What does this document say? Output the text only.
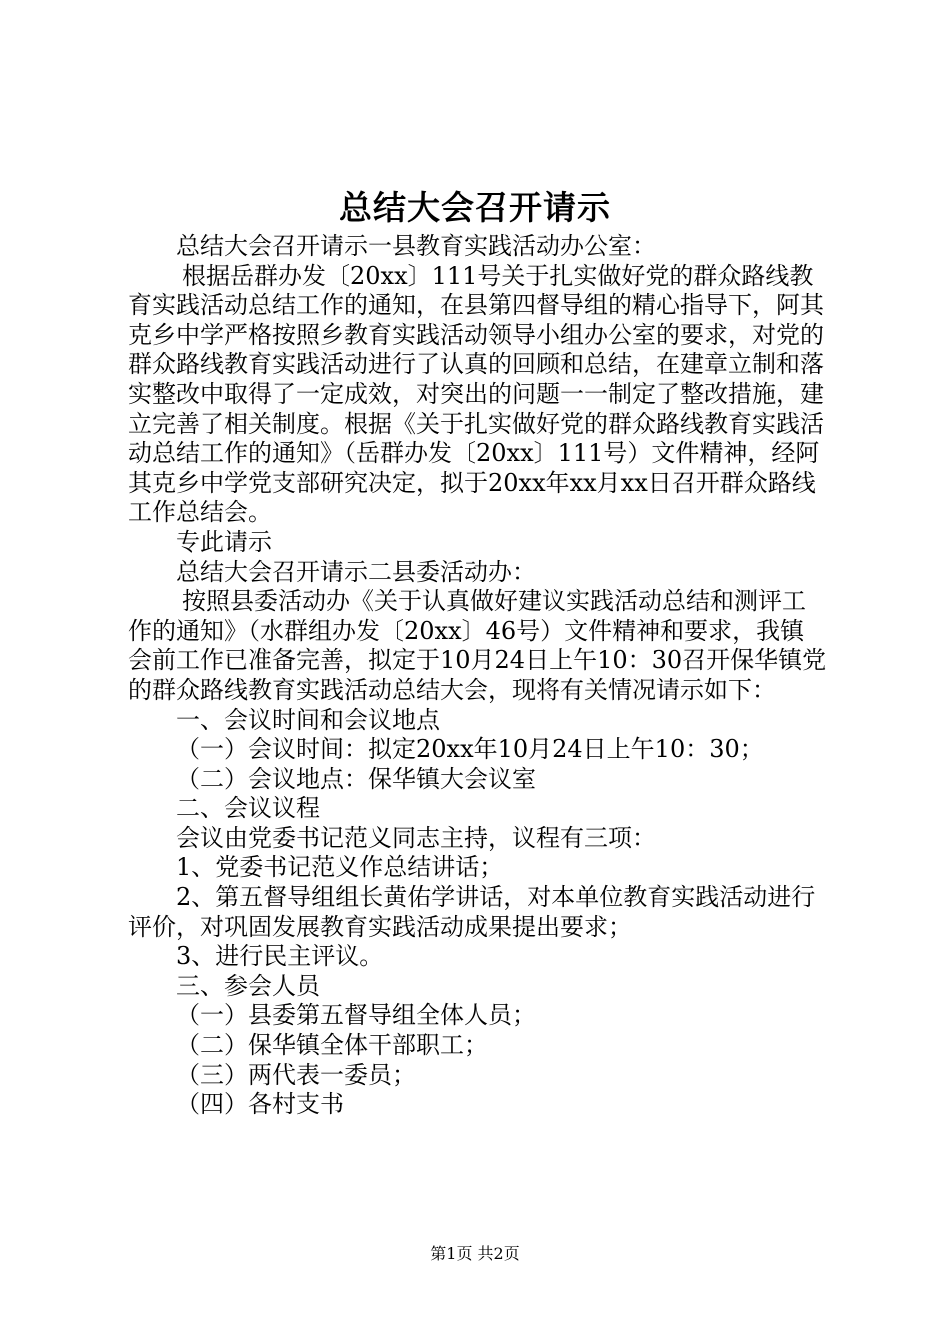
总结大会召开请示

总结大会召开请示一县教育实践活动办公室：

根据岳群办发〔20xx〕111号关于扎实做好党的群众路线教育实践活动总结工作的通知，在县第四督导组的精心指导下，阿其克乡中学严格按照乡教育实践活动领导小组办公室的要求，对党的群众路线教育实践活动进行了认真的回顾和总结，在建章立制和落实整改中取得了一定成效，对突出的问题一一制定了整改措施，建立完善了相关制度。根据《关于扎实做好党的群众路线教育实践活动总结工作的通知》（岳群办发〔20xx〕111号）文件精神，经阿其克乡中学党支部研究决定，拟于20xx年xx月xx日召开群众路线工作总结会。

专此请示

总结大会召开请示二县委活动办：

按照县委活动办《关于认真做好建议实践活动总结和测评工作的通知》（水群组办发〔20xx〕46号）文件精神和要求，我镇会前工作已准备完善，拟定于10月24日上午10：30召开保华镇党的群众路线教育实践活动总结大会，现将有关情况请示如下：

一、会议时间和会议地点

（一）会议时间：拟定20xx年10月24日上午10：30；

（二）会议地点：保华镇大会议室

二、会议议程

会议由党委书记范义同志主持，议程有三项：

1、党委书记范义作总结讲话；

2、第五督导组组长黄佑学讲话，对本单位教育实践活动进行评价，对巩固发展教育实践活动成果提出要求；

3、进行民主评议。

三、参会人员

（一）县委第五督导组全体人员；

（二）保华镇全体干部职工；

（三）两代表一委员；

（四）各村支书

第1页 共2页
